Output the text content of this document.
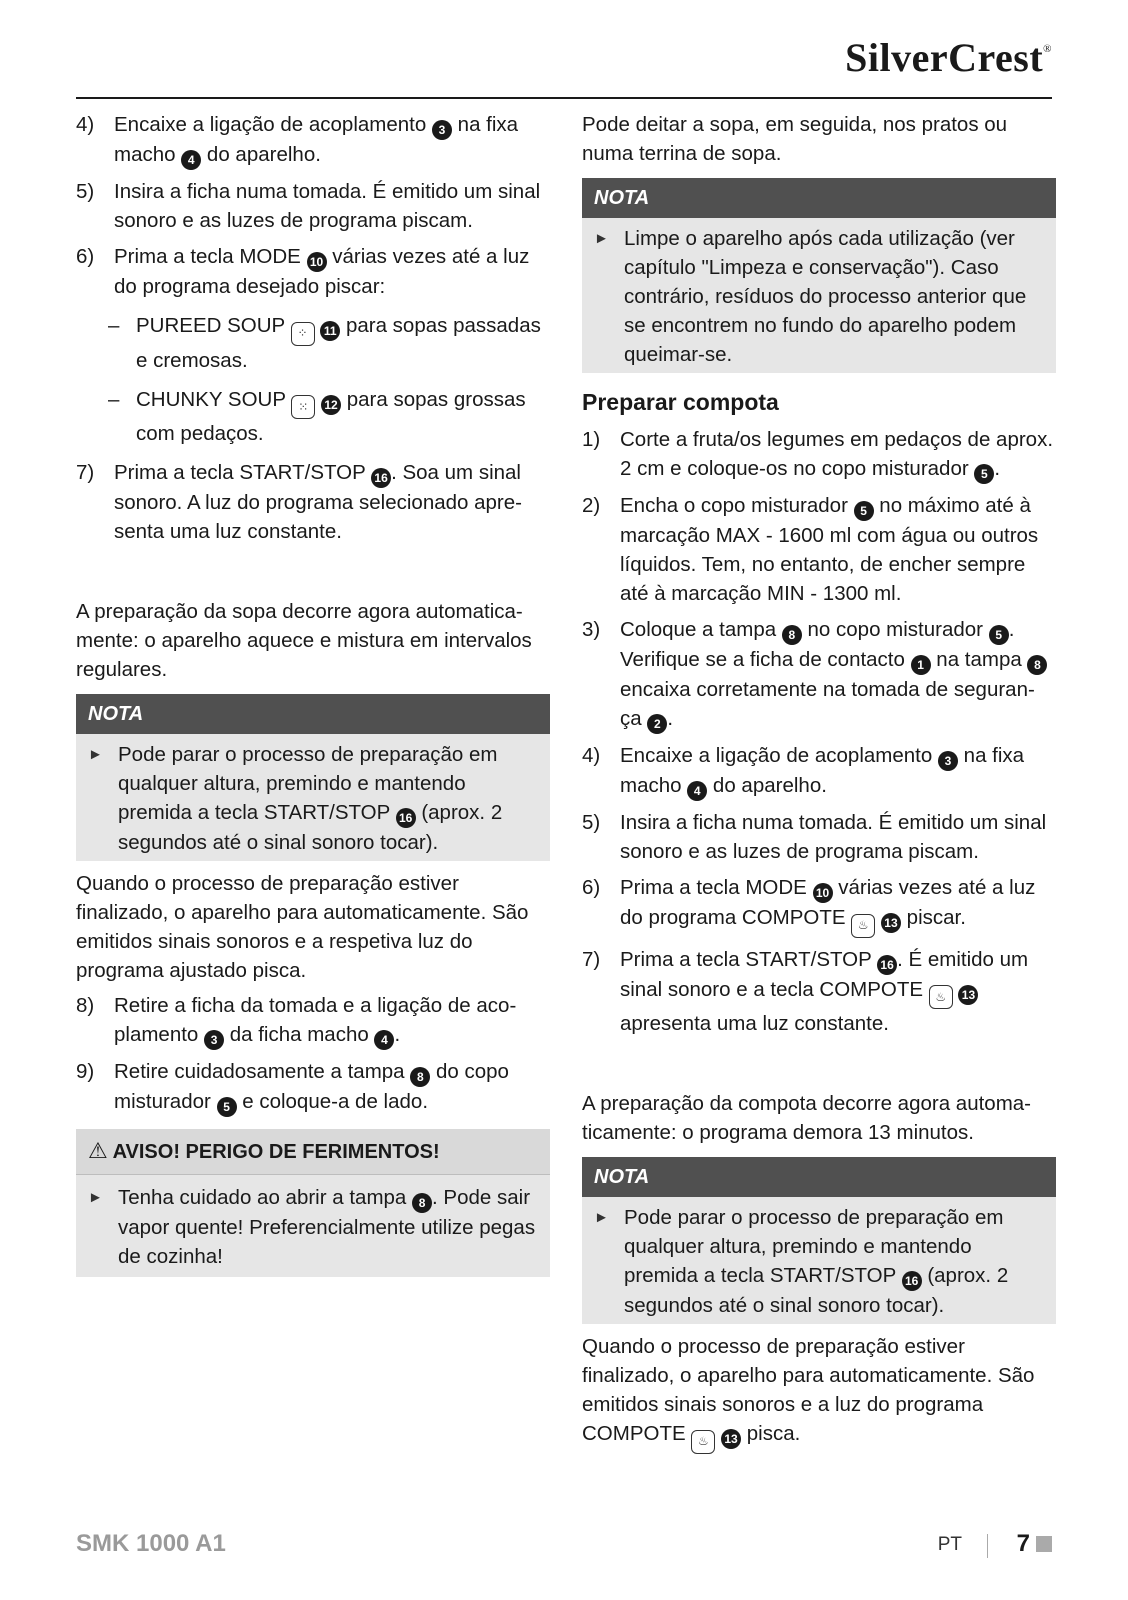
SilverCrest®
4) Encaixe a ligação de acoplamento 3 na fixa macho 4 do aparelho.
5) Insira a ficha numa tomada. É emitido um sinal sonoro e as luzes de programa piscam.
6) Prima a tecla MODE 10 várias vezes até a luz do programa desejado piscar:
– PUREED SOUP ⁘ 11 para sopas passadas e cremosas.
– CHUNKY SOUP ⁙ 12 para sopas grossas com pedaços.
7) Prima a tecla START/STOP 16 . Soa um sinal sonoro. A luz do programa selecionado apre-senta uma luz constante.

A preparação da sopa decorre agora automatica-mente: o aparelho aquece e mistura em intervalos regulares.

NOTA
► Pode parar o processo de preparação em qualquer altura, premindo e mantendo premida a tecla START/STOP 16 (aprox. 2 segundos até o sinal sonoro tocar).

Quando o processo de preparação estiver finalizado, o aparelho para automaticamente. São emitidos sinais sonoros e a respetiva luz do programa ajustado pisca.

8) Retire a ficha da tomada e a ligação de aco-plamento 3 da ficha macho 4 .
9) Retire cuidadosamente a tampa 8 do copo misturador 5 e coloque-a de lado.
⚠ AVISO! PERIGO DE FERIMENTOS!
► Tenha cuidado ao abrir a tampa 8 . Pode sair vapor quente! Preferencialmente utilize pegas de cozinha!

Pode deitar a sopa, em seguida, nos pratos ou numa terrina de sopa.

NOTA
► Limpe o aparelho após cada utilização (ver capítulo "Limpeza e conservação"). Caso contrário, resíduos do processo anterior que se encontrem no fundo do aparelho podem queimar-se.
Preparar compota
1) Corte a fruta/os legumes em pedaços de aprox. 2 cm e coloque-os no copo misturador 5 .
2) Encha o copo misturador 5 no máximo até à marcação MAX - 1600 ml com água ou outros líquidos. Tem, no entanto, de encher sempre até à marcação MIN - 1300 ml.
3) Coloque a tampa 8 no copo misturador 5 . Verifique se a ficha de contacto 1 na tampa 8 encaixa corretamente na tomada de seguran-ça 2 .
4) Encaixe a ligação de acoplamento 3 na fixa macho 4 do aparelho.
5) Insira a ficha numa tomada. É emitido um sinal sonoro e as luzes de programa piscam.
6) Prima a tecla MODE 10 várias vezes até a luz do programa COMPOTE ♨ 13 piscar.
7) Prima a tecla START/STOP 16 . É emitido um sinal sonoro e a tecla COMPOTE ♨ 13 apresenta uma luz constante.

A preparação da compota decorre agora automa-ticamente: o programa demora 13 minutos.

NOTA
► Pode parar o processo de preparação em qualquer altura, premindo e mantendo premida a tecla START/STOP 16 (aprox. 2 segundos até o sinal sonoro tocar).

Quando o processo de preparação estiver finalizado, o aparelho para automaticamente. São emitidos sinais sonoros e a luz do programa COMPOTE ♨ 13 pisca.

SMK 1000 A1	PT 7
